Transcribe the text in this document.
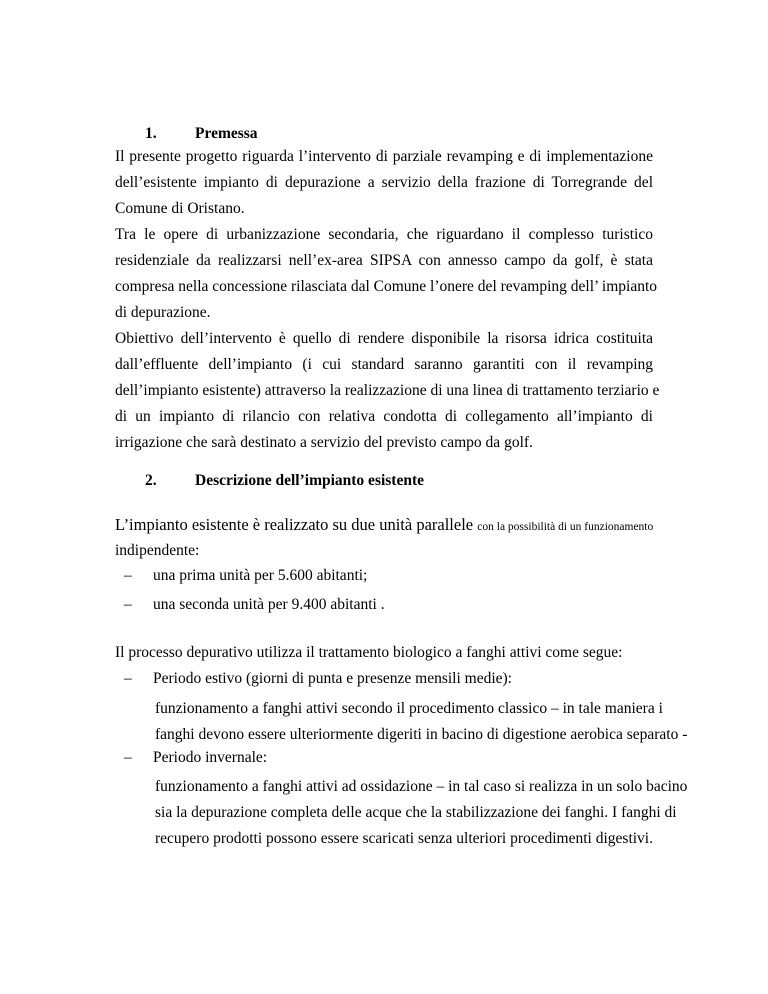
1. Premessa
Il presente progetto riguarda l’intervento di parziale revamping e di implementazione
dell’esistente impianto di depurazione a servizio della frazione di Torregrande del
Comune di Oristano.
Tra le opere di urbanizzazione secondaria, che riguardano il complesso turistico
residenziale da realizzarsi nell’ex-area SIPSA con annesso campo da golf, è stata
compresa nella concessione rilasciata dal Comune l’onere del revamping dell’ impianto
di depurazione.
Obiettivo dell’intervento è quello di rendere disponibile la risorsa idrica costituita
dall’effluente dell’impianto (i cui standard saranno garantiti con il revamping
dell’impianto esistente) attraverso la realizzazione di una linea di trattamento terziario e
di un impianto di rilancio con relativa condotta di collegamento all’impianto di
irrigazione che sarà destinato a servizio del previsto campo da golf.
2. Descrizione dell’impianto esistente
L’impianto esistente è realizzato su due unità parallele con la possibilità di un funzionamento
indipendente:
– una prima unità per 5.600 abitanti;
– una seconda unità per 9.400 abitanti .
Il processo depurativo utilizza il trattamento biologico a fanghi attivi come segue:
– Periodo estivo (giorni di punta e presenze mensili medie):
funzionamento a fanghi attivi secondo il procedimento classico – in tale maniera i
fanghi devono essere ulteriormente digeriti in bacino di digestione aerobica separato -
– Periodo invernale:
funzionamento a fanghi attivi ad ossidazione – in tal caso si realizza in un solo bacino
sia la depurazione completa delle acque che la stabilizzazione dei fanghi. I fanghi di
recupero prodotti possono essere scaricati senza ulteriori procedimenti digestivi.
